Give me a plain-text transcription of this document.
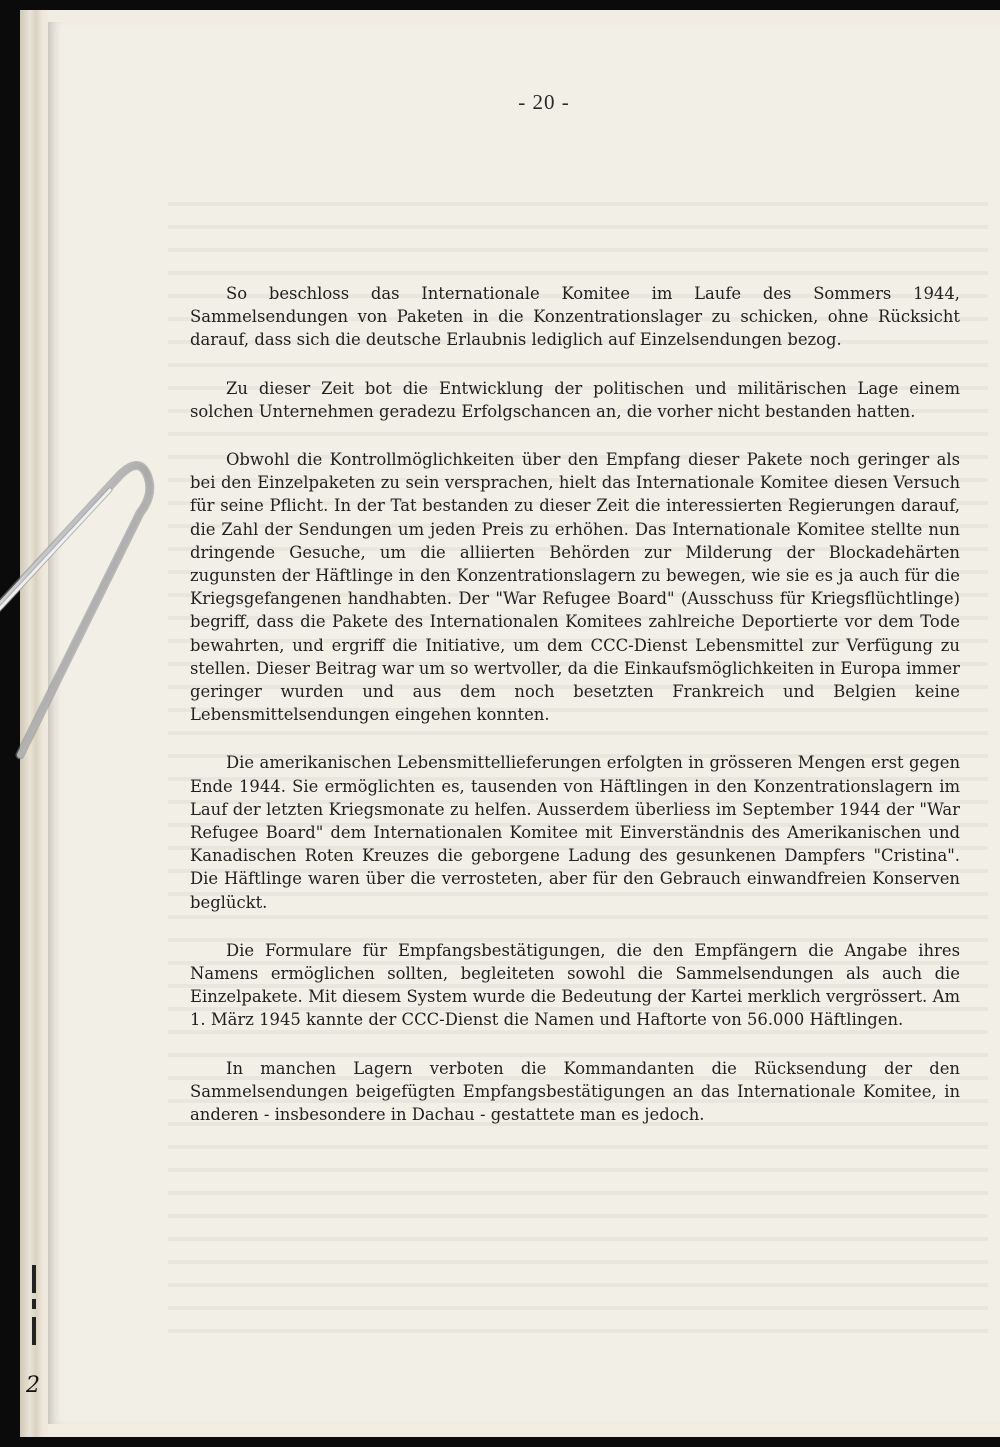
- 20 -

So beschloss das Internationale Komitee im Laufe des Sommers 1944, Sammelsendungen von Paketen in die Konzentrationslager zu schicken, ohne Rücksicht darauf, dass sich die deutsche Erlaubnis lediglich auf Einzelsendungen bezog.

Zu dieser Zeit bot die Entwicklung der politischen und militärischen Lage einem solchen Unternehmen geradezu Erfolgschancen an, die vorher nicht bestanden hatten.

Obwohl die Kontrollmöglichkeiten über den Empfang dieser Pakete noch geringer als bei den Einzelpaketen zu sein versprachen, hielt das Internationale Komitee diesen Versuch für seine Pflicht. In der Tat bestanden zu dieser Zeit die interessierten Regierungen darauf, die Zahl der Sendungen um jeden Preis zu erhöhen. Das Internationale Komitee stellte nun dringende Gesuche, um die alliierten Behörden zur Milderung der Blockadehärten zugunsten der Häftlinge in den Konzentrationslagern zu bewegen, wie sie es ja auch für die Kriegsgefangenen handhabten. Der "War Refugee Board" (Ausschuss für Kriegsflüchtlinge) begriff, dass die Pakete des Internationalen Komitees zahlreiche Deportierte vor dem Tode bewahrten, und ergriff die Initiative, um dem CCC-Dienst Lebensmittel zur Verfügung zu stellen. Dieser Beitrag war um so wertvoller, da die Einkaufsmöglichkeiten in Europa immer geringer wurden und aus dem noch besetzten Frankreich und Belgien keine Lebensmittelsendungen eingehen konnten.

Die amerikanischen Lebensmittellieferungen erfolgten in grösseren Mengen erst gegen Ende 1944. Sie ermöglichten es, tausenden von Häftlingen in den Konzentrationslagern im Lauf der letzten Kriegsmonate zu helfen. Ausserdem überliess im September 1944 der "War Refugee Board" dem Internationalen Komitee mit Einverständnis des Amerikanischen und Kanadischen Roten Kreuzes die geborgene Ladung des gesunkenen Dampfers "Cristina". Die Häftlinge waren über die verrosteten, aber für den Gebrauch einwandfreien Konserven beglückt.

Die Formulare für Empfangsbestätigungen, die den Empfängern die Angabe ihres Namens ermöglichen sollten, begleiteten sowohl die Sammelsendungen als auch die Einzelpakete. Mit diesem System wurde die Bedeutung der Kartei merklich vergrössert. Am 1. März 1945 kannte der CCC-Dienst die Namen und Haftorte von 56.000 Häftlingen.

In manchen Lagern verboten die Kommandanten die Rücksendung der den Sammelsendungen beigefügten Empfangsbestätigungen an das Internationale Komitee, in anderen - insbesondere in Dachau - gestattete man es jedoch.

2
